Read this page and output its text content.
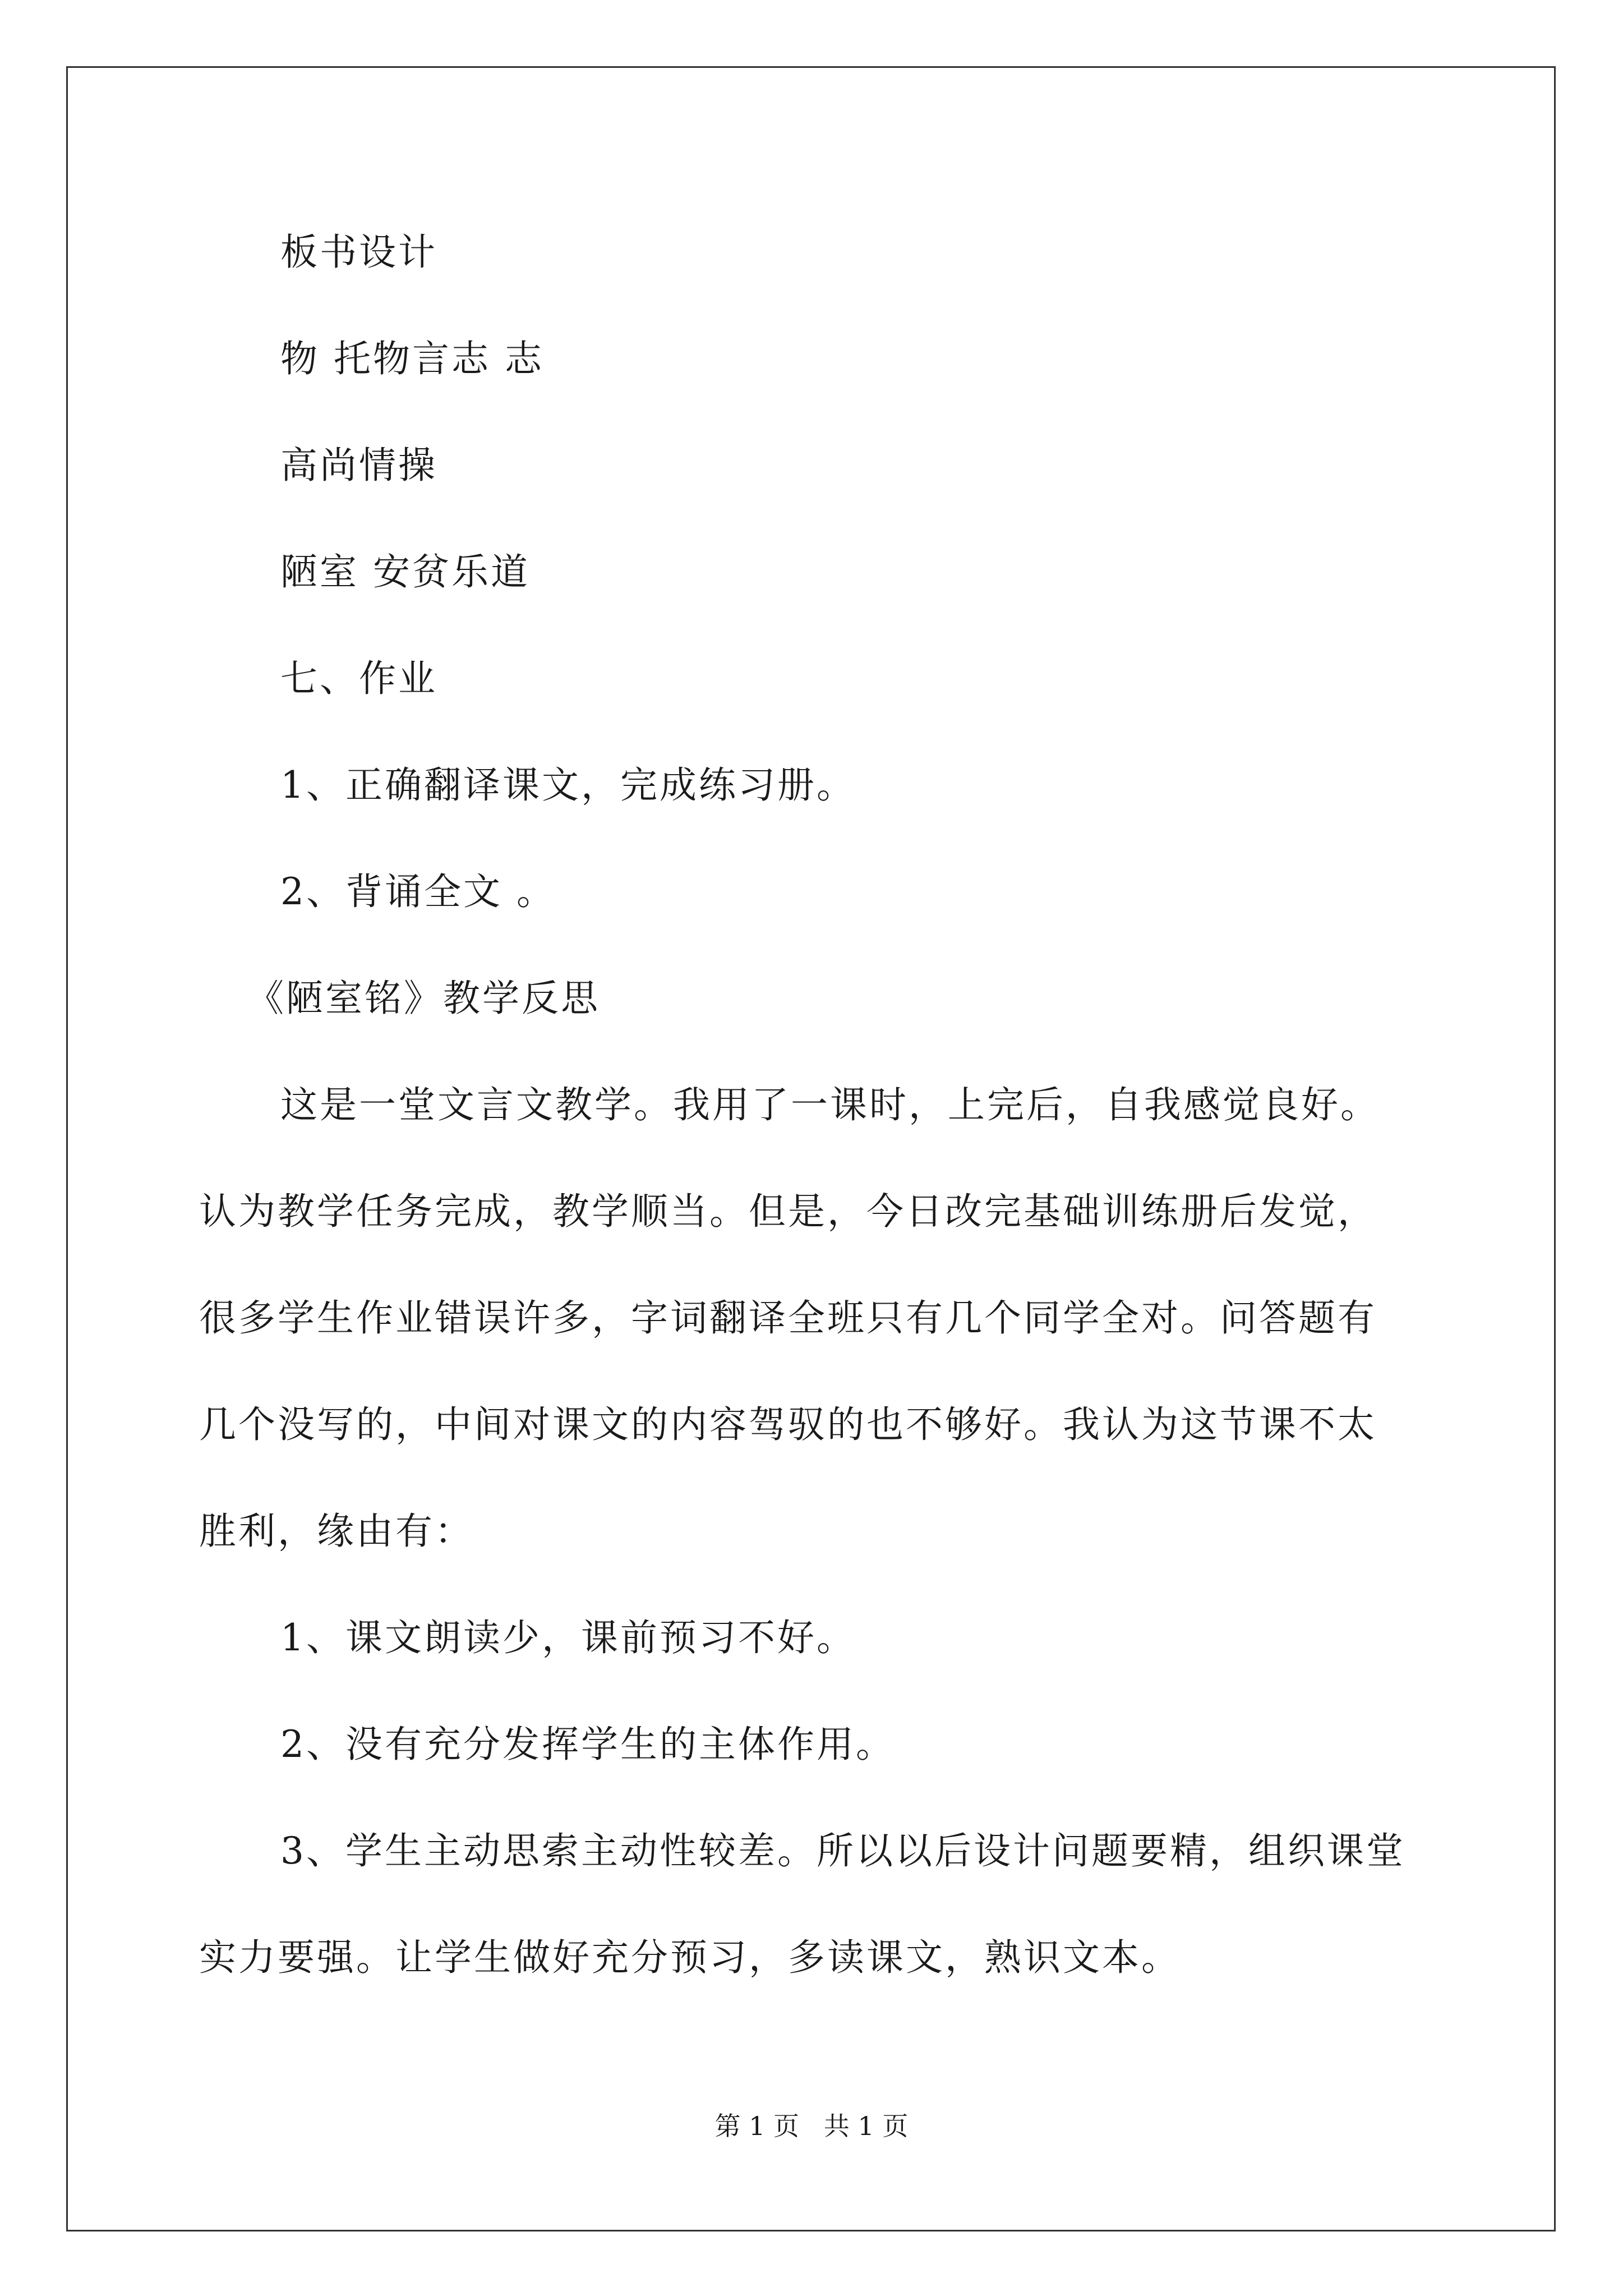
板书设计
物 托物言志 志
高尚情操
陋室 安贫乐道
七、作业
1、正确翻译课文，完成练习册。
2、背诵全文 。
《陋室铭》教学反思
这是一堂文言文教学。我用了一课时，上完后，自我感觉良好。
认为教学任务完成，教学顺当。但是，今日改完基础训练册后发觉，
很多学生作业错误许多，字词翻译全班只有几个同学全对。问答题有
几个没写的，中间对课文的内容驾驭的也不够好。我认为这节课不太
胜利，缘由有：
1、课文朗读少，课前预习不好。
2、没有充分发挥学生的主体作用。
3、学生主动思索主动性较差。所以以后设计问题要精，组织课堂
实力要强。让学生做好充分预习，多读课文，熟识文本。
第 1 页   共 1 页
